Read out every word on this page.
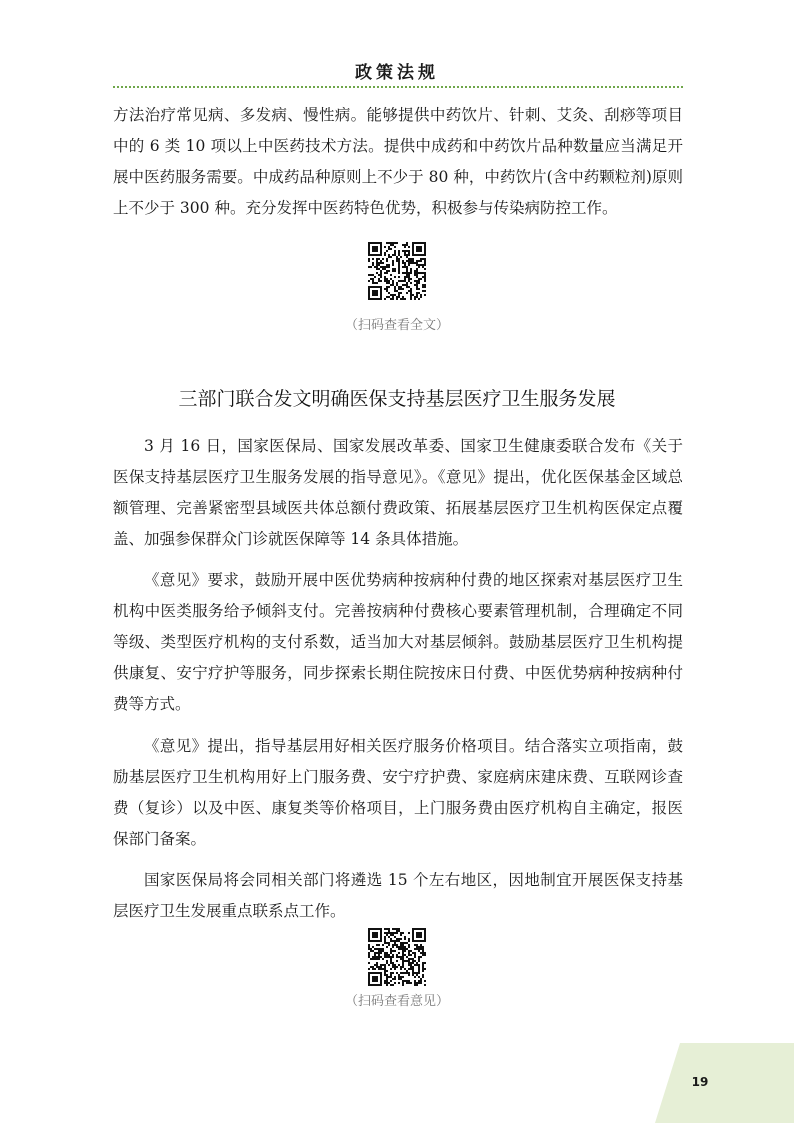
政策法规

方法治疗常见病、多发病、慢性病。能够提供中药饮片、针刺、艾灸、刮痧等项目中的 6 类 10 项以上中医药技术方法。提供中成药和中药饮片品种数量应当满足开展中医药服务需要。中成药品种原则上不少于 80 种，中药饮片(含中药颗粒剂)原则上不少于 300 种。充分发挥中医药特色优势，积极参与传染病防控工作。

（扫码查看全文）
三部门联合发文明确医保支持基层医疗卫生服务发展

3 月 16 日，国家医保局、国家发展改革委、国家卫生健康委联合发布《关于医保支持基层医疗卫生服务发展的指导意见》。《意见》提出，优化医保基金区域总额管理、完善紧密型县域医共体总额付费政策、拓展基层医疗卫生机构医保定点覆盖、加强参保群众门诊就医保障等 14 条具体措施。

《意见》要求，鼓励开展中医优势病种按病种付费的地区探索对基层医疗卫生机构中医类服务给予倾斜支付。完善按病种付费核心要素管理机制，合理确定不同等级、类型医疗机构的支付系数，适当加大对基层倾斜。鼓励基层医疗卫生机构提供康复、安宁疗护等服务，同步探索长期住院按床日付费、中医优势病种按病种付费等方式。

《意见》提出，指导基层用好相关医疗服务价格项目。结合落实立项指南，鼓励基层医疗卫生机构用好上门服务费、安宁疗护费、家庭病床建床费、互联网诊查费（复诊）以及中医、康复类等价格项目，上门服务费由医疗机构自主确定，报医保部门备案。

国家医保局将会同相关部门将遴选 15 个左右地区，因地制宜开展医保支持基层医疗卫生发展重点联系点工作。

（扫码查看意见）
19
